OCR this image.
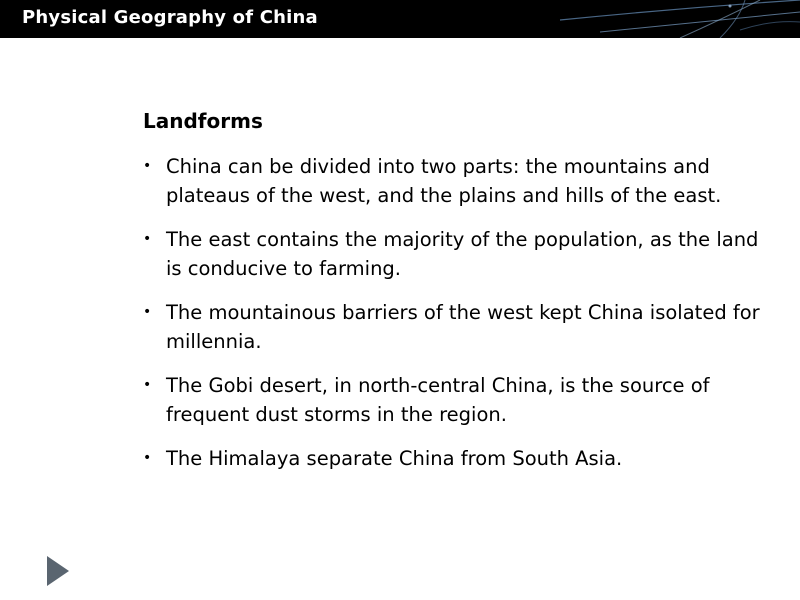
Physical Geography of China
Landforms
• China can be divided into two parts: the mountains and plateaus of the west, and the plains and hills of the east.
• The east contains the majority of the population, as the land is conducive to farming.
• The mountainous barriers of the west kept China isolated for millennia.
• The Gobi desert, in north-central China, is the source of frequent dust storms in the region.
• The Himalaya separate China from South Asia.
